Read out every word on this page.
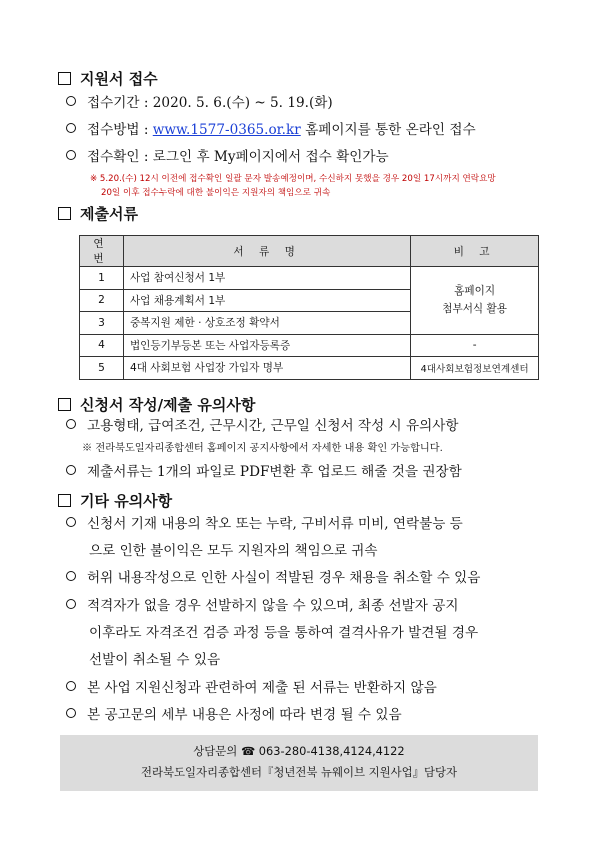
지원서 접수
접수기간 : 2020. 5. 6.(수) ~ 5. 19.(화)
접수방법 : www.1577-0365.or.kr 홈페이지를 통한 온라인 접수
접수확인 : 로그인 후 My페이지에서 접수 확인가능
※ 5.20.(수) 12시 이전에 접수확인 일괄 문자 발송예정이며, 수신하지 못했을 경우 20일 17시까지 연락요망
20일 이후 접수누락에 대한 불이익은 지원자의 책임으로 귀속
제출서류
연 번	서 류 명	비 고
1	사업 참여신청서 1부	홈페이지
첨부서식 활용

2	사업 채용계획서 1부	
3	중복지원 제한 · 상호조정 확약서	
4	법인등기부등본 또는 사업자등록증	-
5	4대 사회보험 사업장 가입자 명부	4대사회보험정보연계센터
신청서 작성/제출 유의사항
고용형태, 급여조건, 근무시간, 근무일 신청서 작성 시 유의사항
※ 전라북도일자리종합센터 홈페이지 공지사항에서 자세한 내용 확인 가능합니다.
제출서류는 1개의 파일로 PDF변환 후 업로드 해줄 것을 권장함
기타 유의사항
신청서 기재 내용의 착오 또는 누락, 구비서류 미비, 연락불능 등
으로 인한 불이익은 모두 지원자의 책임으로 귀속
허위 내용작성으로 인한 사실이 적발된 경우 채용을 취소할 수 있음
적격자가 없을 경우 선발하지 않을 수 있으며, 최종 선발자 공지
이후라도 자격조건 검증 과정 등을 통하여 결격사유가 발견될 경우
선발이 취소될 수 있음
본 사업 지원신청과 관련하여 제출 된 서류는 반환하지 않음
본 공고문의 세부 내용은 사정에 따라 변경 될 수 있음
상담문의 ☎ 063-280-4138,4124,4122
전라북도일자리종합센터『청년전북 뉴웨이브 지원사업』담당자
